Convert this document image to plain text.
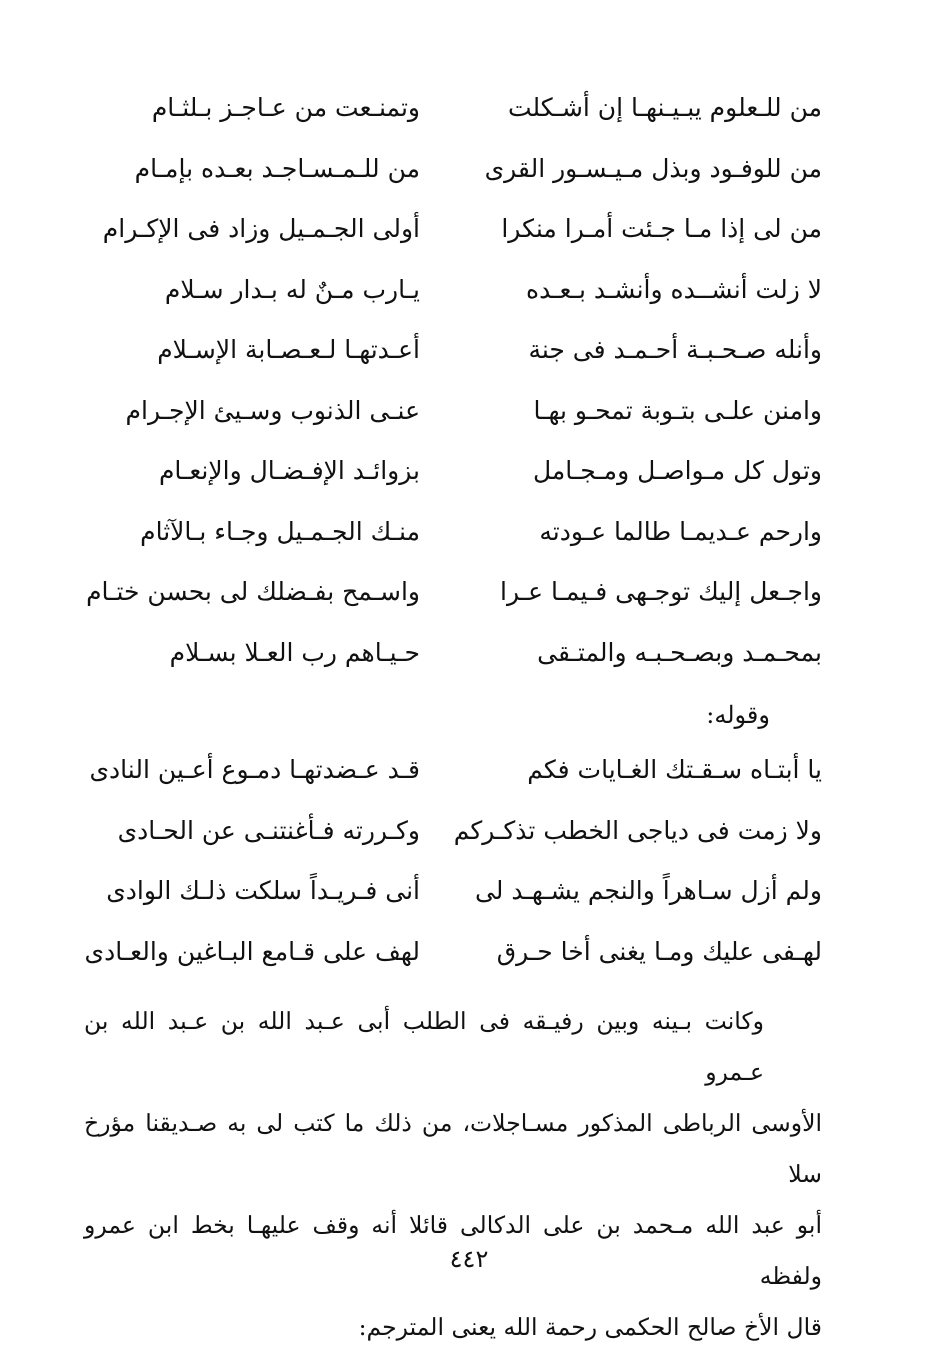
من للـعلوم يبـيـنهـا إن أشـكلت
وتمنـعت من عـاجـز بـلثـام
من للوفـود وبذل مـيـسـور القرى
من للـمـسـاجـد بعـده بإمـام
من لى إذا مـا جـئت أمـرا منكرا
أولى الجـمـيل وزاد فى الإكـرام
لا زلت أنشــده وأنشـد بـعـده
يـارب مـنٌ له بـدار سـلام
وأنله صـحـبـة أحـمـد فى جنة
أعـدتهـا لـعـصـابة الإسـلام
وامنن علـى بتـوبة تمحـو بهـا
عنـى الذنوب وسـيئ الإجـرام
وتول كل مـواصـل ومـجـامل
بزوائـد الإفـضـال والإنعـام
وارحم عـديمـا طالما عـودته
منـك الجـمـيل وجـاء بـالآثام
واجـعل إليك توجـهى فـيمـا عـرا
واسـمح بفـضلك لى بحسن ختـام
بمحـمـد وبصـحـبـه والمتـقى
حـيـاهم رب العـلا بسـلام
وقوله:
يا أبتـاه سـقـتك الغـايات فكم
قـد عـضدتهـا دمـوع أعـين النادى
ولا زمت فى دياجى الخطب تذكـركم
وكـررته فـأغنتنـى عن الحـادى
ولم أزل سـاهراً والنجم يشـهـد لى
أنى فـريـداً سلكت ذلـك الوادى
لهـفى عليك ومـا يغنى أخا حـرق
لهف على قـامع البـاغين والعـادى

وكانت بـينه وبين رفيـقه فى الطلب أبى عـبد الله بن عـبد الله بن عـمرو

الأوسى الرباطى المذكور مسـاجلات، من ذلك ما كتب لى به صـديقنا مؤرخ سلا

أبو عبد الله مـحمد بن على الدكالى قائلا أنه وقف عليهـا بخط ابن عمرو ولفظه

قال الأخ صالح الحكمى رحمة الله يعنى المترجم:

٤٤٢
